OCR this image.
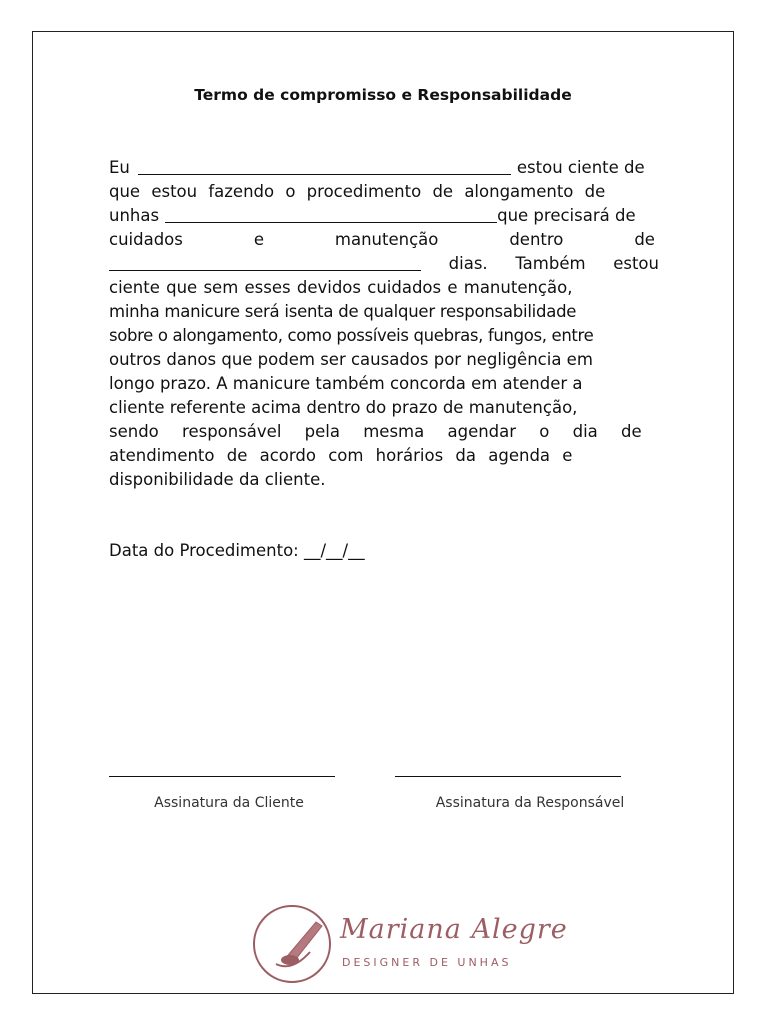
Termo de compromisso e Responsabilidade
Eu	estou ciente de
que estou fazendo o procedimento de alongamento de
unhas	que precisará de
cuidados	e	manutenção	dentro	de
dias. Também estou
ciente que sem esses devidos cuidados e manutenção,
minha manicure será isenta de qualquer responsabilidade
sobre o alongamento, como possíveis quebras, fungos, entre
outros danos que podem ser causados por negligência em
longo prazo. A manicure também concorda em atender a
cliente referente acima dentro do prazo de manutenção,
sendo responsável pela mesma agendar o dia de
atendimento de acordo com horários da agenda e
disponibilidade da cliente.
Data do Procedimento: __/__/__
Assinatura da Cliente	Assinatura da Responsável
Mariana Alegre
DESIGNER DE UNHAS
